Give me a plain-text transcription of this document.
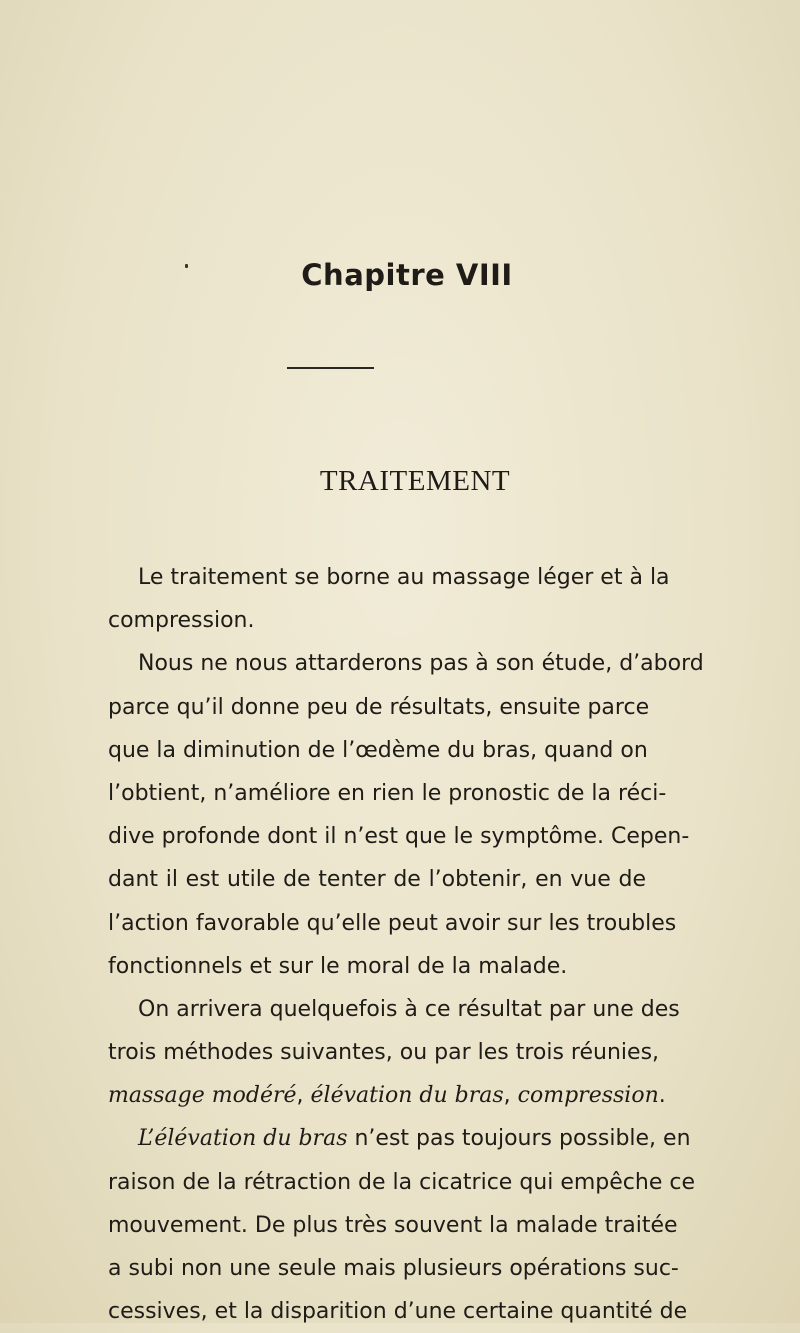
Chapitre VIII
TRAITEMENT
Le traitement se borne au massage léger et à la
compression.
Nous ne nous attarderons pas à son étude, d’abord
parce qu’il donne peu de résultats, ensuite parce
que la diminution de l’œdème du bras, quand on
l’obtient, n’améliore en rien le pronostic de la réci-
dive profonde dont il n’est que le symptôme. Cepen-
dant il est utile de tenter de l’obtenir, en vue de
l’action favorable qu’elle peut avoir sur les troubles
fonctionnels et sur le moral de la malade.
On arrivera quelquefois à ce résultat par une des
trois méthodes suivantes, ou par les trois réunies,
massage modéré, élévation du bras, compression.
L’élévation du bras n’est pas toujours possible, en
raison de la rétraction de la cicatrice qui empêche ce
mouvement. De plus très souvent la malade traitée
a subi non une seule mais plusieurs opérations suc-
cessives, et la disparition d’une certaine quantité de
